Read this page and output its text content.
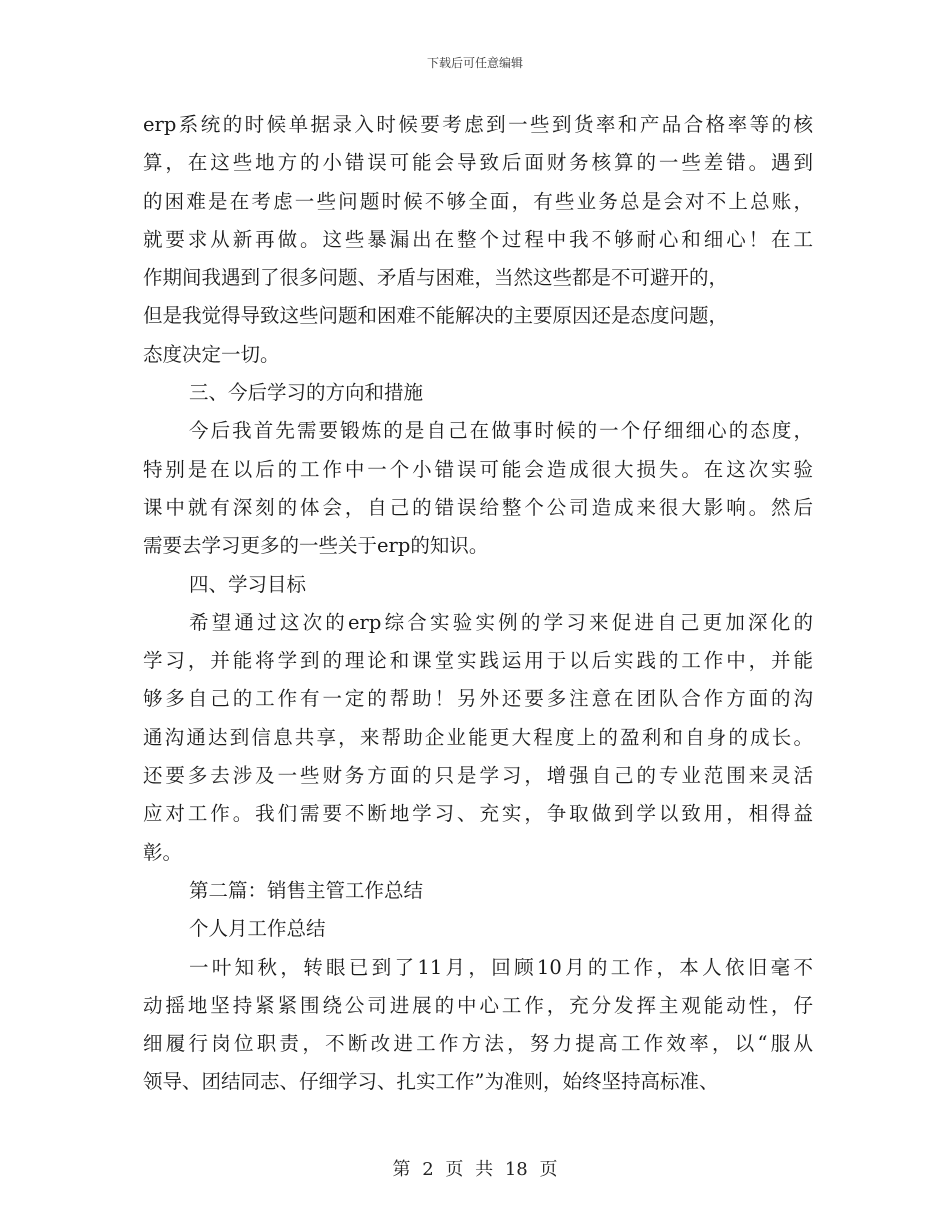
下载后可任意编辑
erp系统的时候单据录入时候要考虑到一些到货率和产品合格率等的核
算，在这些地方的小错误可能会导致后面财务核算的一些差错。遇到
的困难是在考虑一些问题时候不够全面，有些业务总是会对不上总账，
就要求从新再做。这些暴漏出在整个过程中我不够耐心和细心！在工
作期间我遇到了很多问题、矛盾与困难，当然这些都是不可避开的，
但是我觉得导致这些问题和困难不能解决的主要原因还是态度问题，
态度决定一切。
三、今后学习的方向和措施
今后我首先需要锻炼的是自己在做事时候的一个仔细细心的态度，
特别是在以后的工作中一个小错误可能会造成很大损失。在这次实验
课中就有深刻的体会，自己的错误给整个公司造成来很大影响。然后
需要去学习更多的一些关于erp的知识。
四、学习目标
希望通过这次的erp综合实验实例的学习来促进自己更加深化的
学习，并能将学到的理论和课堂实践运用于以后实践的工作中，并能
够多自己的工作有一定的帮助！另外还要多注意在团队合作方面的沟
通沟通达到信息共享，来帮助企业能更大程度上的盈利和自身的成长。
还要多去涉及一些财务方面的只是学习，增强自己的专业范围来灵活
应对工作。我们需要不断地学习、充实，争取做到学以致用，相得益
彰。
第二篇：销售主管工作总结
个人月工作总结
一叶知秋，转眼已到了11月，回顾10月的工作，本人依旧毫不
动摇地坚持紧紧围绕公司进展的中心工作，充分发挥主观能动性，仔
细履行岗位职责，不断改进工作方法，努力提高工作效率，以“服从
领导、团结同志、仔细学习、扎实工作”为准则，始终坚持高标准、
第 2 页 共 18 页
